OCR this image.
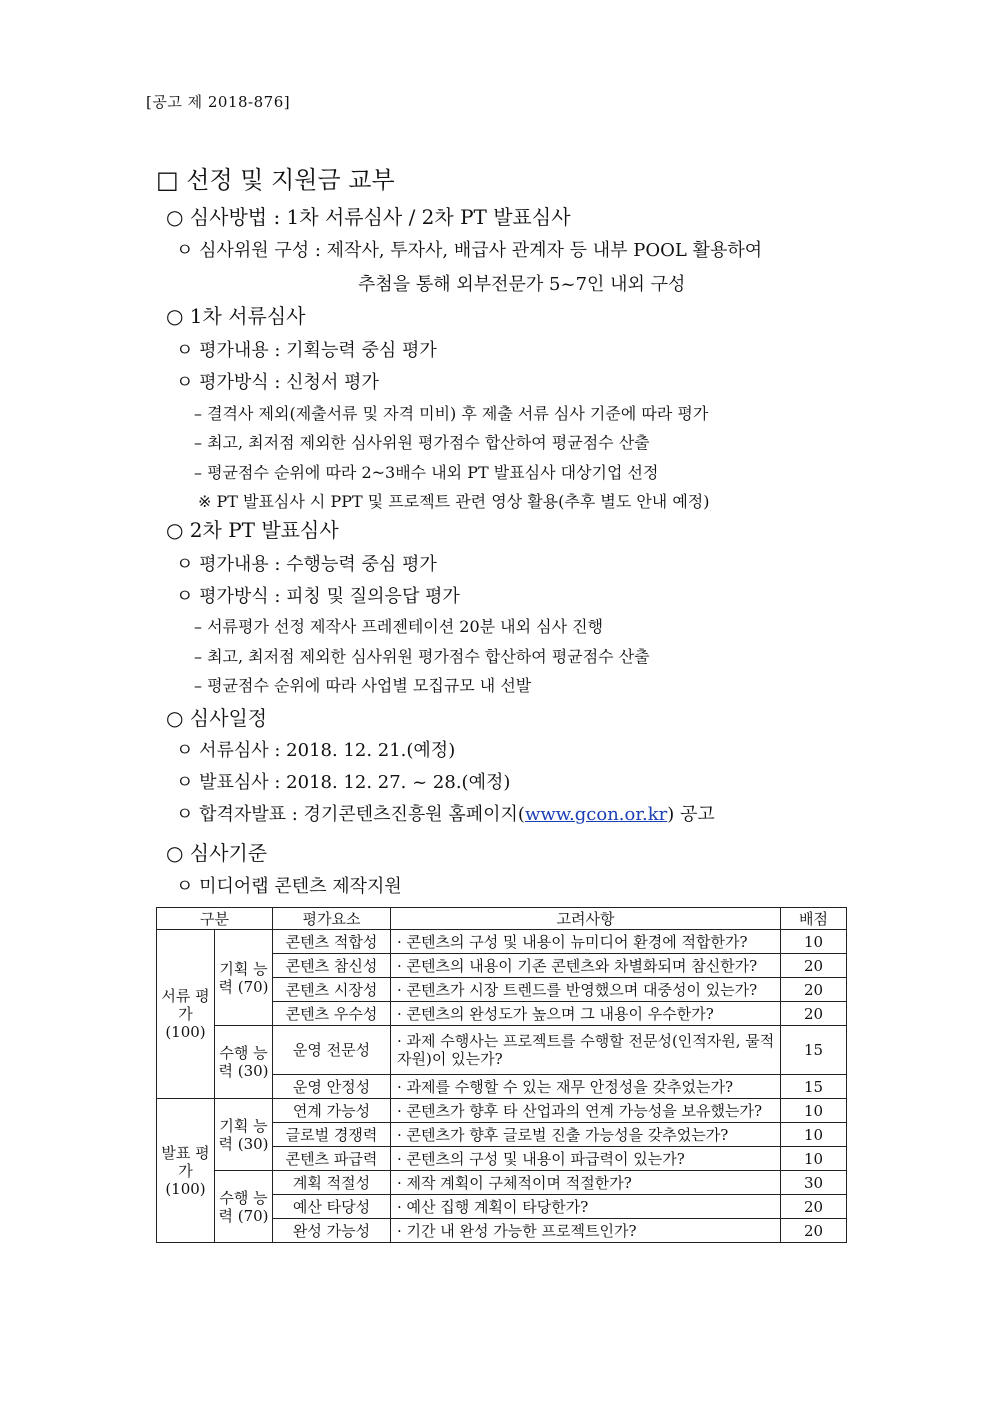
[공고 제 2018-876]
□ 선정 및 지원금 교부
○ 심사방법 : 1차 서류심사 / 2차 PT 발표심사
ㅇ 심사위원 구성 : 제작사, 투자사, 배급사 관계자 등 내부 POOL 활용하여
추첨을 통해 외부전문가 5~7인 내외 구성
○ 1차 서류심사
ㅇ 평가내용 : 기획능력 중심 평가
ㅇ 평가방식 : 신청서 평가
– 결격사 제외(제출서류 및 자격 미비) 후 제출 서류 심사 기준에 따라 평가
– 최고, 최저점 제외한 심사위원 평가점수 합산하여 평균점수 산출
– 평균점수 순위에 따라 2~3배수 내외 PT 발표심사 대상기업 선정
※ PT 발표심사 시 PPT 및 프로젝트 관련 영상 활용(추후 별도 안내 예정)
○ 2차 PT 발표심사
ㅇ 평가내용 : 수행능력 중심 평가
ㅇ 평가방식 : 피칭 및 질의응답 평가
– 서류평가 선정 제작사 프레젠테이션 20분 내외 심사 진행
– 최고, 최저점 제외한 심사위원 평가점수 합산하여 평균점수 산출
– 평균점수 순위에 따라 사업별 모집규모 내 선발
○ 심사일정
ㅇ 서류심사 : 2018. 12. 21.(예정)
ㅇ 발표심사 : 2018. 12. 27. ~ 28.(예정)
ㅇ 합격자발표 : 경기콘텐츠진흥원 홈페이지(www.gcon.or.kr) 공고
○ 심사기준
ㅇ 미디어랩 콘텐츠 제작지원
구분		평가요소	고려사항	배점
서류 평가 (100)	기획 능력 (70)	콘텐츠 적합성	· 콘텐츠의 구성 및 내용이 뉴미디어 환경에 적합한가?	10
		콘텐츠 참신성	· 콘텐츠의 내용이 기존 콘텐츠와 차별화되며 참신한가?	20
		콘텐츠 시장성	· 콘텐츠가 시장 트렌드를 반영했으며 대중성이 있는가?	20
		콘텐츠 우수성	· 콘텐츠의 완성도가 높으며 그 내용이 우수한가?	20
	수행 능력 (30)	운영 전문성	· 과제 수행사는 프로젝트를 수행할 전문성(인적자원, 물적 자원)이 있는가?	15
		운영 안정성	· 과제를 수행할 수 있는 재무 안정성을 갖추었는가?	15
발표 평가 (100)	기획 능력 (30)	연계 가능성	· 콘텐츠가 향후 타 산업과의 연계 가능성을 보유했는가?	10
		글로벌 경쟁력	· 콘텐츠가 향후 글로벌 진출 가능성을 갖추었는가?	10
		콘텐츠 파급력	· 콘텐츠의 구성 및 내용이 파급력이 있는가?	10
	수행 능력 (70)	계획 적절성	· 제작 계획이 구체적이며 적절한가?	30
		예산 타당성	· 예산 집행 계획이 타당한가?	20
		완성 가능성	· 기간 내 완성 가능한 프로젝트인가?	20
